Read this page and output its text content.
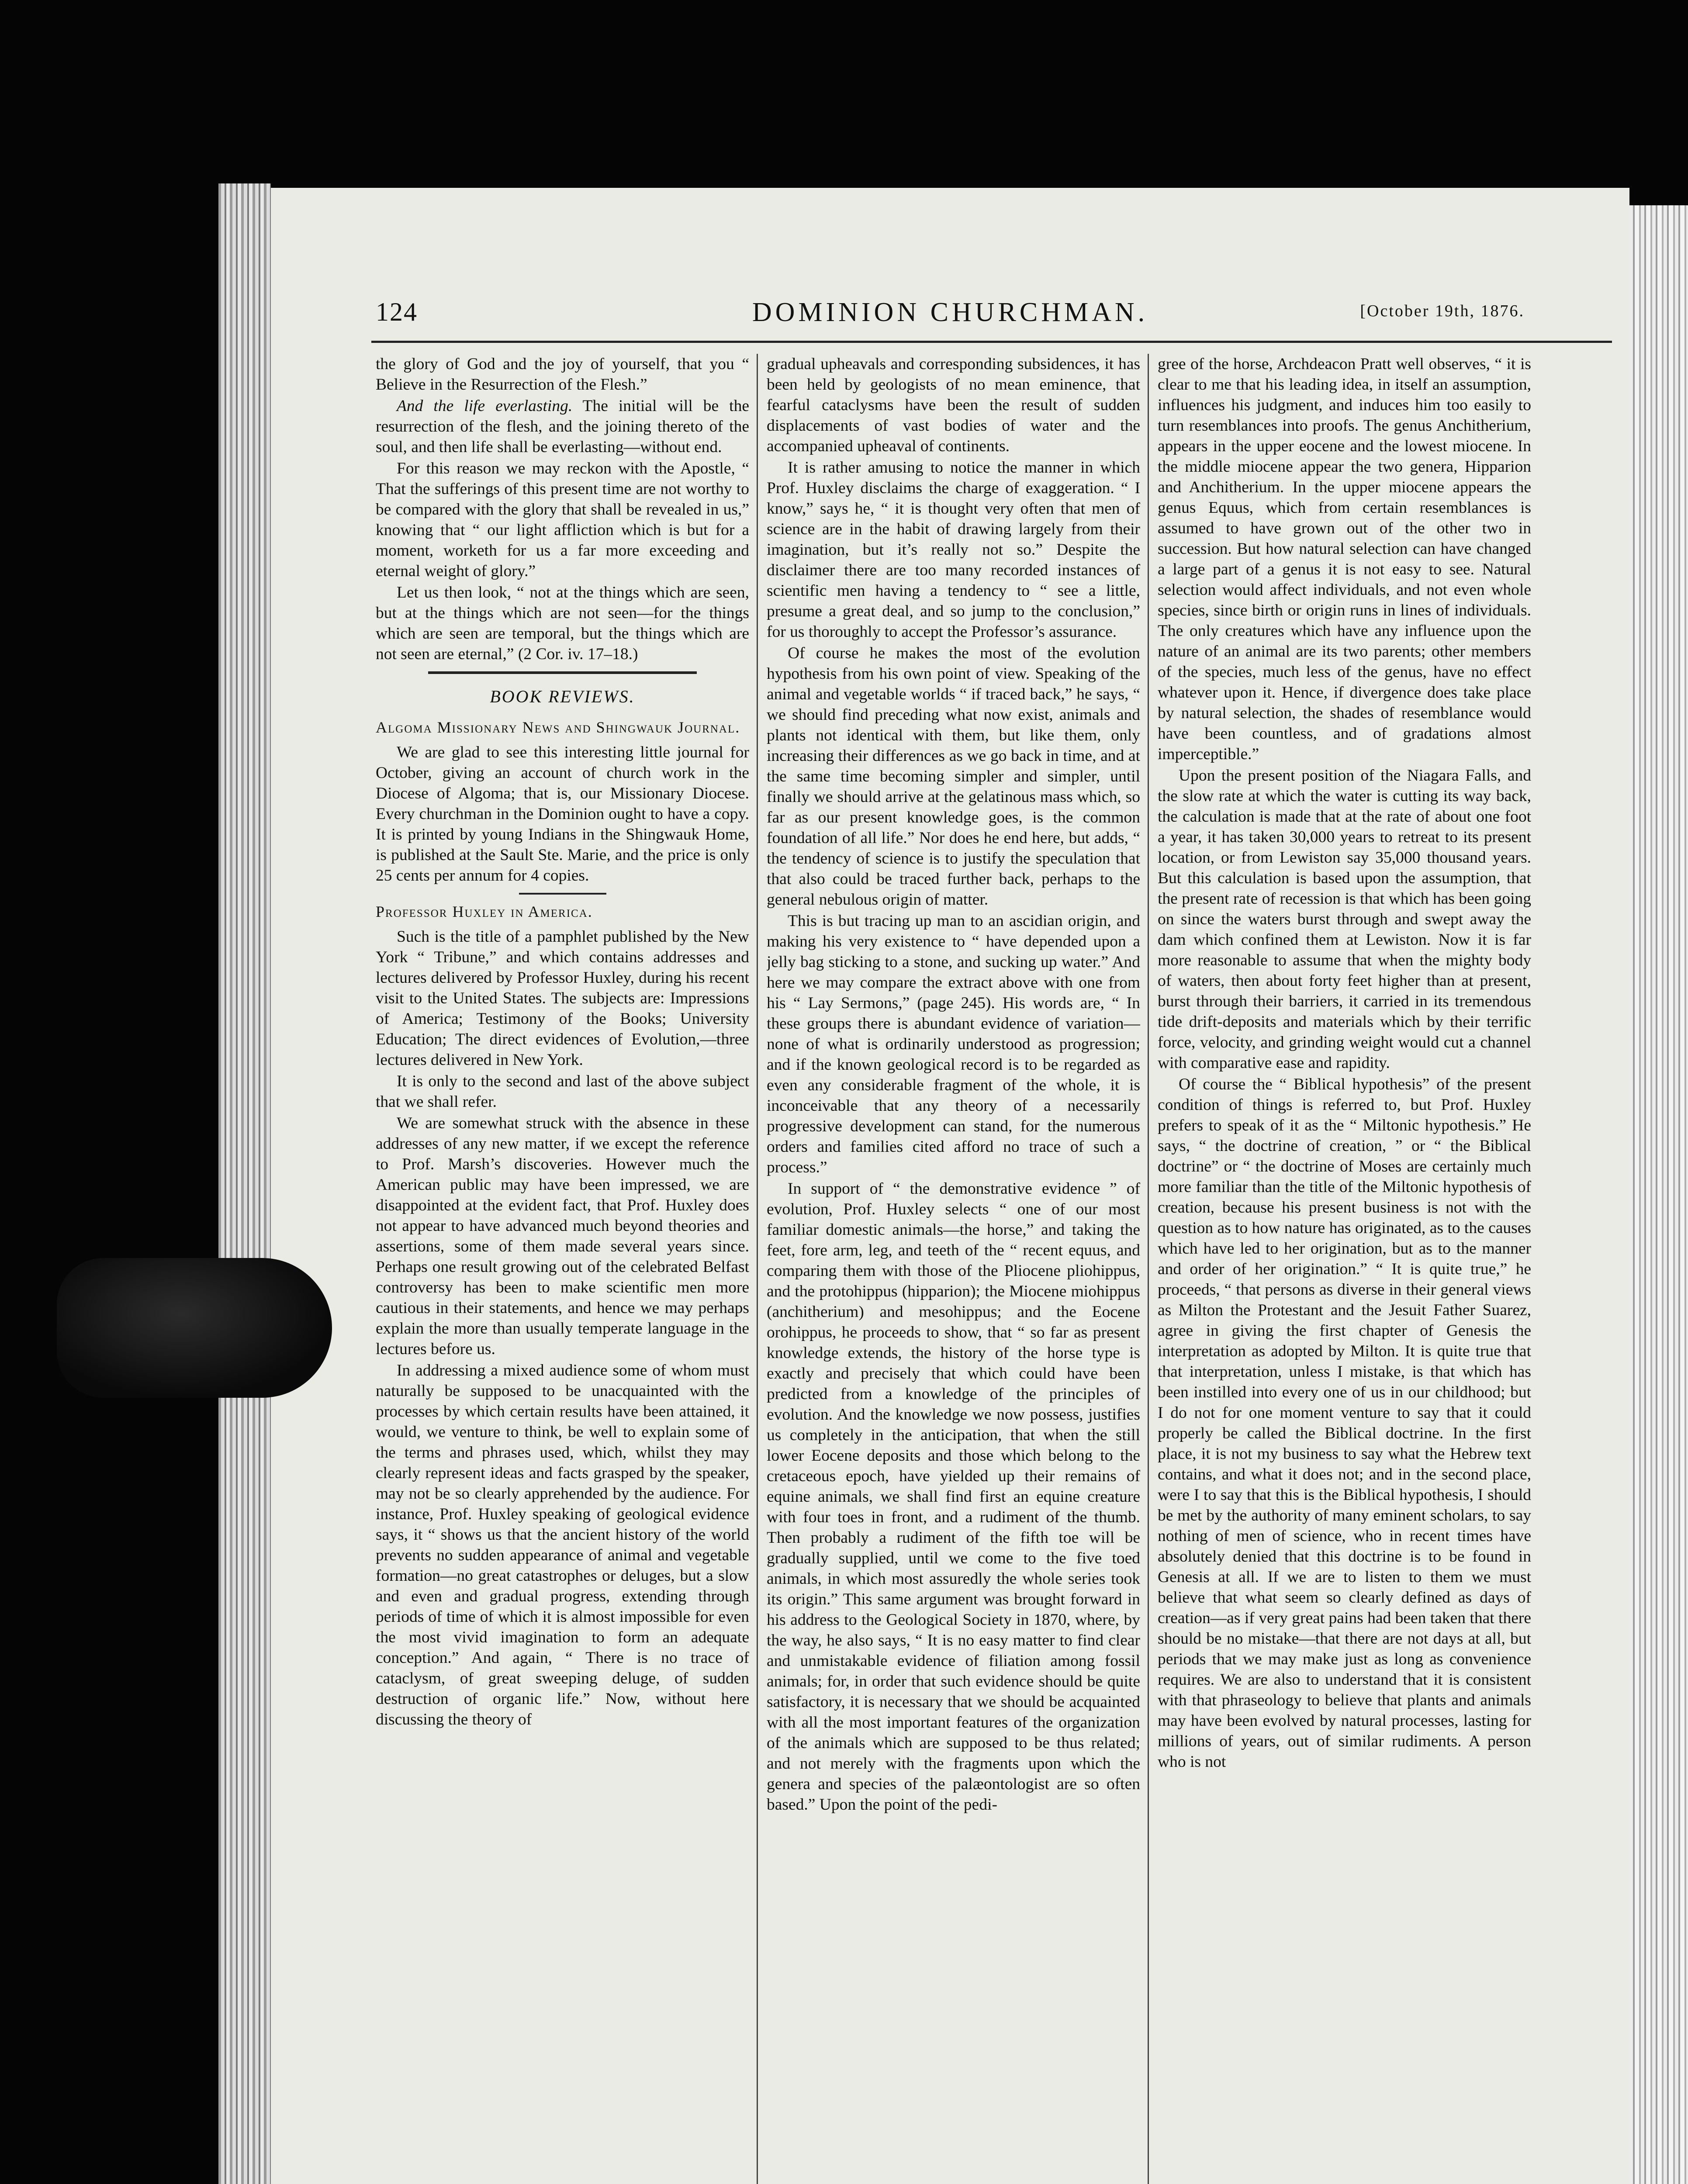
124	DOMINION CHURCHMAN.	[October 19th, 1876.

the glory of God and the joy of yourself, that you “ Believe in the Resurrection of the Flesh.”

And the life everlasting. The initial will be the resurrection of the flesh, and the joining thereto of the soul, and then life shall be everlasting—without end.

For this reason we may reckon with the Apostle, “ That the sufferings of this present time are not worthy to be compared with the glory that shall be revealed in us,” knowing that “ our light affliction which is but for a moment, worketh for us a far more exceeding and eternal weight of glory.”

Let us then look, “ not at the things which are seen, but at the things which are not seen—for the things which are seen are temporal, but the things which are not seen are eternal,” (2 Cor. iv. 17–18.)

BOOK REVIEWS.
Algoma Missionary News and Shingwauk Journal.

We are glad to see this interesting little journal for October, giving an account of church work in the Diocese of Algoma; that is, our Missionary Diocese. Every churchman in the Dominion ought to have a copy. It is printed by young Indians in the Shingwauk Home, is published at the Sault Ste. Marie, and the price is only 25 cents per annum for 4 copies.

Professor Huxley in America.

Such is the title of a pamphlet published by the New York “ Tribune,” and which contains addresses and lectures delivered by Professor Huxley, during his recent visit to the United States. The subjects are: Impressions of America; Testimony of the Books; University Education; The direct evidences of Evolution,—three lectures delivered in New York.

It is only to the second and last of the above subject that we shall refer.

We are somewhat struck with the absence in these addresses of any new matter, if we except the reference to Prof. Marsh’s discoveries. However much the American public may have been impressed, we are disappointed at the evident fact, that Prof. Huxley does not appear to have advanced much beyond theories and assertions, some of them made several years since. Perhaps one result growing out of the celebrated Belfast controversy has been to make scientific men more cautious in their statements, and hence we may perhaps explain the more than usually temperate language in the lectures before us.

In addressing a mixed audience some of whom must naturally be supposed to be unacquainted with the processes by which certain results have been attained, it would, we venture to think, be well to explain some of the terms and phrases used, which, whilst they may clearly represent ideas and facts grasped by the speaker, may not be so clearly apprehended by the audience. For instance, Prof. Huxley speaking of geological evidence says, it “ shows us that the ancient history of the world prevents no sudden appearance of animal and vegetable formation—no great catastrophes or deluges, but a slow and even and gradual progress, extending through periods of time of which it is almost impossible for even the most vivid imagination to form an adequate conception.” And again, “ There is no trace of cataclysm, of great sweeping deluge, of sudden destruction of organic life.” Now, without here discussing the theory of

gradual upheavals and corresponding subsidences, it has been held by geologists of no mean eminence, that fearful cataclysms have been the result of sudden displacements of vast bodies of water and the accompanied upheaval of continents.

It is rather amusing to notice the manner in which Prof. Huxley disclaims the charge of exaggeration. “ I know,” says he, “ it is thought very often that men of science are in the habit of drawing largely from their imagination, but it’s really not so.” Despite the disclaimer there are too many recorded instances of scientific men having a tendency to “ see a little, presume a great deal, and so jump to the conclusion,” for us thoroughly to accept the Professor’s assurance.

Of course he makes the most of the evolution hypothesis from his own point of view. Speaking of the animal and vegetable worlds “ if traced back,” he says, “ we should find preceding what now exist, animals and plants not identical with them, but like them, only increasing their differences as we go back in time, and at the same time becoming simpler and simpler, until finally we should arrive at the gelatinous mass which, so far as our present knowledge goes, is the common foundation of all life.” Nor does he end here, but adds, “ the tendency of science is to justify the speculation that that also could be traced further back, perhaps to the general nebulous origin of matter.

This is but tracing up man to an ascidian origin, and making his very existence to “ have depended upon a jelly bag sticking to a stone, and sucking up water.” And here we may compare the extract above with one from his “ Lay Sermons,” (page 245). His words are, “ In these groups there is abundant evidence of variation—none of what is ordinarily understood as progression; and if the known geological record is to be regarded as even any considerable fragment of the whole, it is inconceivable that any theory of a necessarily progressive development can stand, for the numerous orders and families cited afford no trace of such a process.”

In support of “ the demonstrative evidence ” of evolution, Prof. Huxley selects “ one of our most familiar domestic animals—the horse,” and taking the feet, fore arm, leg, and teeth of the “ recent equus, and comparing them with those of the Pliocene pliohippus, and the protohippus (hipparion); the Miocene miohippus (anchitherium) and mesohippus; and the Eocene orohippus, he proceeds to show, that “ so far as present knowledge extends, the history of the horse type is exactly and precisely that which could have been predicted from a knowledge of the principles of evolution. And the knowledge we now possess, justifies us completely in the anticipation, that when the still lower Eocene deposits and those which belong to the cretaceous epoch, have yielded up their remains of equine animals, we shall find first an equine creature with four toes in front, and a rudiment of the thumb. Then probably a rudiment of the fifth toe will be gradually supplied, until we come to the five toed animals, in which most assuredly the whole series took its origin.” This same argument was brought forward in his address to the Geological Society in 1870, where, by the way, he also says, “ It is no easy matter to find clear and unmistakable evidence of filiation among fossil animals; for, in order that such evidence should be quite satisfactory, it is necessary that we should be acquainted with all the most important features of the organization of the animals which are supposed to be thus related; and not merely with the fragments upon which the genera and species of the palæontologist are so often based.” Upon the point of the pedi-

gree of the horse, Archdeacon Pratt well observes, “ it is clear to me that his leading idea, in itself an assumption, influences his judgment, and induces him too easily to turn resemblances into proofs. The genus Anchitherium, appears in the upper eocene and the lowest miocene. In the middle miocene appear the two genera, Hipparion and Anchitherium. In the upper miocene appears the genus Equus, which from certain resemblances is assumed to have grown out of the other two in succession. But how natural selection can have changed a large part of a genus it is not easy to see. Natural selection would affect individuals, and not even whole species, since birth or origin runs in lines of individuals. The only creatures which have any influence upon the nature of an animal are its two parents; other members of the species, much less of the genus, have no effect whatever upon it. Hence, if divergence does take place by natural selection, the shades of resemblance would have been countless, and of gradations almost imperceptible.”

Upon the present position of the Niagara Falls, and the slow rate at which the water is cutting its way back, the calculation is made that at the rate of about one foot a year, it has taken 30,000 years to retreat to its present location, or from Lewiston say 35,000 thousand years. But this calculation is based upon the assumption, that the present rate of recession is that which has been going on since the waters burst through and swept away the dam which confined them at Lewiston. Now it is far more reasonable to assume that when the mighty body of waters, then about forty feet higher than at present, burst through their barriers, it carried in its tremendous tide drift-deposits and materials which by their terrific force, velocity, and grinding weight would cut a channel with comparative ease and rapidity.

Of course the “ Biblical hypothesis” of the present condition of things is referred to, but Prof. Huxley prefers to speak of it as the “ Miltonic hypothesis.” He says, “ the doctrine of creation, ” or “ the Biblical doctrine” or “ the doctrine of Moses are certainly much more familiar than the title of the Miltonic hypothesis of creation, because his present business is not with the question as to how nature has originated, as to the causes which have led to her origination, but as to the manner and order of her origination.” “ It is quite true,” he proceeds, “ that persons as diverse in their general views as Milton the Protestant and the Jesuit Father Suarez, agree in giving the first chapter of Genesis the interpretation as adopted by Milton. It is quite true that that interpretation, unless I mistake, is that which has been instilled into every one of us in our childhood; but I do not for one moment venture to say that it could properly be called the Biblical doctrine. In the first place, it is not my business to say what the Hebrew text contains, and what it does not; and in the second place, were I to say that this is the Biblical hypothesis, I should be met by the authority of many eminent scholars, to say nothing of men of science, who in recent times have absolutely denied that this doctrine is to be found in Genesis at all. If we are to listen to them we must believe that what seem so clearly defined as days of creation—as if very great pains had been taken that there should be no mistake—that there are not days at all, but periods that we may make just as long as convenience requires. We are also to understand that it is consistent with that phraseology to believe that plants and animals may have been evolved by natural processes, lasting for millions of years, out of similar rudiments. A person who is not
